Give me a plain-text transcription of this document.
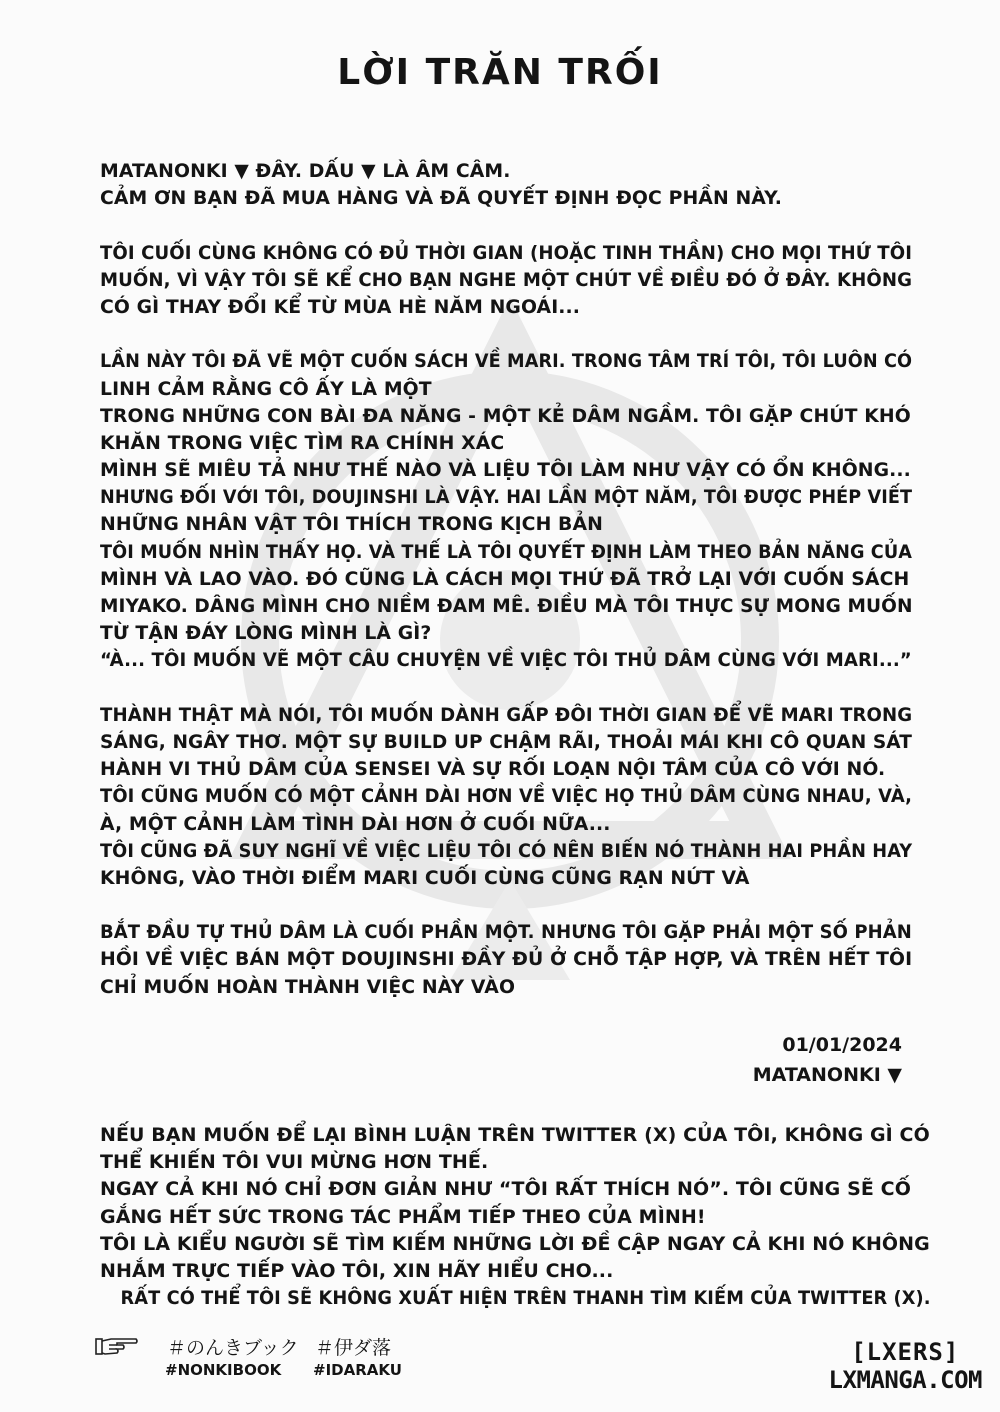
LỜI TRĂN TRỐI
MATANONKI ▼ ĐÂY. DẤU ▼ LÀ ÂM CÂM.
CẢM ƠN BẠN ĐÃ MUA HÀNG VÀ ĐÃ QUYẾT ĐỊNH ĐỌC PHẦN NÀY.
TÔI CUỐI CÙNG KHÔNG CÓ ĐỦ THỜI GIAN (HOẶC TINH THẦN) CHO MỌI THỨ TÔI
MUỐN, VÌ VẬY TÔI SẼ KỂ CHO BẠN NGHE MỘT CHÚT VỀ ĐIỀU ĐÓ Ở ĐÂY. KHÔNG
CÓ GÌ THAY ĐỔI KỂ TỪ MÙA HÈ NĂM NGOÁI...
LẦN NÀY TÔI ĐÃ VẼ MỘT CUỐN SÁCH VỀ MARI. TRONG TÂM TRÍ TÔI, TÔI LUÔN CÓ
LINH CẢM RẰNG CÔ ẤY LÀ MỘT
TRONG NHỮNG CON BÀI ĐA NĂNG - MỘT KẺ DÂM NGẦM. TÔI GẶP CHÚT KHÓ
KHĂN TRONG VIỆC TÌM RA CHÍNH XÁC
MÌNH SẼ MIÊU TẢ NHƯ THẾ NÀO VÀ LIỆU TÔI LÀM NHƯ VẬY CÓ ỔN KHÔNG...
NHƯNG ĐỐI VỚI TÔI, DOUJINSHI LÀ VẬY. HAI LẦN MỘT NĂM, TÔI ĐƯỢC PHÉP VIẾT
NHỮNG NHÂN VẬT TÔI THÍCH TRONG KỊCH BẢN
TÔI MUỐN NHÌN THẤY HỌ. VÀ THẾ LÀ TÔI QUYẾT ĐỊNH LÀM THEO BẢN NĂNG CỦA
MÌNH VÀ LAO VÀO. ĐÓ CŨNG LÀ CÁCH MỌI THỨ ĐÃ TRỞ LẠI VỚI CUỐN SÁCH
MIYAKO. DÂNG MÌNH CHO NIỀM ĐAM MÊ. ĐIỀU MÀ TÔI THỰC SỰ MONG MUỐN
TỪ TẬN ĐÁY LÒNG MÌNH LÀ GÌ?
“À... TÔI MUỐN VẼ MỘT CÂU CHUYỆN VỀ VIỆC TÔI THỦ DÂM CÙNG VỚI MARI...”
THÀNH THẬT MÀ NÓI, TÔI MUỐN DÀNH GẤP ĐÔI THỜI GIAN ĐỂ VẼ MARI TRONG
SÁNG, NGÂY THƠ. MỘT SỰ BUILD UP CHẬM RÃI, THOẢI MÁI KHI CÔ QUAN SÁT
HÀNH VI THỦ DÂM CỦA SENSEI VÀ SỰ RỐI LOẠN NỘI TÂM CỦA CÔ VỚI NÓ.
TÔI CŨNG MUỐN CÓ MỘT CẢNH DÀI HƠN VỀ VIỆC HỌ THỦ DÂM CÙNG NHAU, VÀ,
À, MỘT CẢNH LÀM TÌNH DÀI HƠN Ở CUỐI NỮA...
TÔI CŨNG ĐÃ SUY NGHĨ VỀ VIỆC LIỆU TÔI CÓ NÊN BIẾN NÓ THÀNH HAI PHẦN HAY
KHÔNG, VÀO THỜI ĐIỂM MARI CUỐI CÙNG CŨNG RẠN NỨT VÀ
BẮT ĐẦU TỰ THỦ DÂM LÀ CUỐI PHẦN MỘT. NHƯNG TÔI GẶP PHẢI MỘT SỐ PHẢN
HỒI VỀ VIỆC BÁN MỘT DOUJINSHI ĐẦY ĐỦ Ở CHỖ TẬP HỢP, VÀ TRÊN HẾT TÔI
CHỈ MUỐN HOÀN THÀNH VIỆC NÀY VÀO
01/01/2024
MATANONKI ▼
NẾU BẠN MUỐN ĐỂ LẠI BÌNH LUẬN TRÊN TWITTER (X) CỦA TÔI, KHÔNG GÌ CÓ
THỂ KHIẾN TÔI VUI MỪNG HƠN THẾ.
NGAY CẢ KHI NÓ CHỈ ĐƠN GIẢN NHƯ “TÔI RẤT THÍCH NÓ”. TÔI CŨNG SẼ CỐ
GẮNG HẾT SỨC TRONG TÁC PHẨM TIẾP THEO CỦA MÌNH!
TÔI LÀ KIỂU NGƯỜI SẼ TÌM KIẾM NHỮNG LỜI ĐỀ CẬP NGAY CẢ KHI NÓ KHÔNG
NHẮM TRỰC TIẾP VÀO TÔI, XIN HÃY HIỂU CHO...
RẤT CÓ THỂ TÔI SẼ KHÔNG XUẤT HIỆN TRÊN THANH TÌM KIẾM CỦA TWITTER (X).
＃のんきブック ＃伊ダ落
#NONKIBOOK #IDARAKU
[LXERS]
LXMANGA.COM
